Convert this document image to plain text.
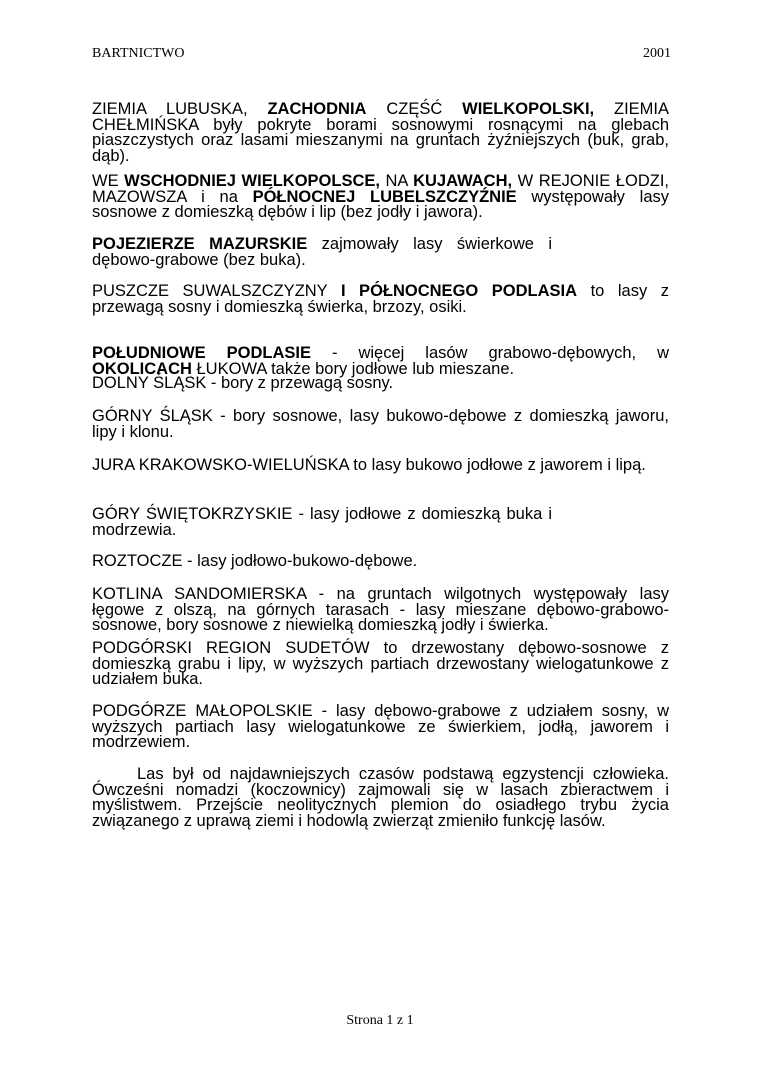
BARTNICTWO	2001
ZIEMIA LUBUSKA, ZACHODNIA CZĘŚĆ WIELKOPOLSKI, ZIEMIA CHEŁMIŃSKA były pokryte borami sosnowymi rosnącymi na glebach piaszczystych oraz lasami mieszanymi na gruntach żyźniejszych (buk, grab, dąb).
WE WSCHODNIEJ WIELKOPOLSCE, NA KUJAWACH, W REJONIE ŁODZI, MAZOWSZA i na PÓŁNOCNEJ LUBELSZCZYŹNIE występowały lasy sosnowe z domieszką dębów i lip (bez jodły i jawora).
POJEZIERZE MAZURSKIE zajmowały lasy świerkowe i dębowo-grabowe (bez buka).
PUSZCZE SUWALSZCZYZNY I PÓŁNOCNEGO PODLASIA to lasy z przewagą sosny i domieszką świerka, brzozy, osiki.
POŁUDNIOWE PODLASIE - więcej lasów grabowo-dębowych, w OKOLICACH ŁUKOWA także bory jodłowe lub mieszane.
DOLNY ŚLĄSK - bory z przewagą sosny.
GÓRNY ŚLĄSK - bory sosnowe, lasy bukowo-dębowe z domieszką jaworu, lipy i klonu.
JURA KRAKOWSKO-WIELUŃSKA to lasy bukowo jodłowe z jaworem i lipą.
GÓRY ŚWIĘTOKRZYSKIE - lasy jodłowe z domieszką buka i modrzewia.
ROZTOCZE - lasy jodłowo-bukowo-dębowe.
KOTLINA SANDOMIERSKA - na gruntach wilgotnych występowały lasy łęgowe z olszą, na górnych tarasach - lasy mieszane dębowo-grabowo-sosnowe, bory sosnowe z niewielką domieszką jodły i świerka.
PODGÓRSKI REGION SUDETÓW to drzewostany dębowo-sosnowe z domieszką grabu i lipy, w wyższych partiach drzewostany wielogatunkowe z udziałem buka.
PODGÓRZE MAŁOPOLSKIE - lasy dębowo-grabowe z udziałem sosny, w wyższych partiach lasy wielogatunkowe ze świerkiem, jodłą, jaworem i modrzewiem.
Las był od najdawniejszych czasów podstawą egzystencji człowieka. Ówcześni nomadzi (koczownicy) zajmowali się w lasach zbieractwem i myślistwem. Przejście neolitycznych plemion do osiadłego trybu życia związanego z uprawą ziemi i hodowlą zwierząt zmieniło funkcję lasów.
Strona 1 z 1
